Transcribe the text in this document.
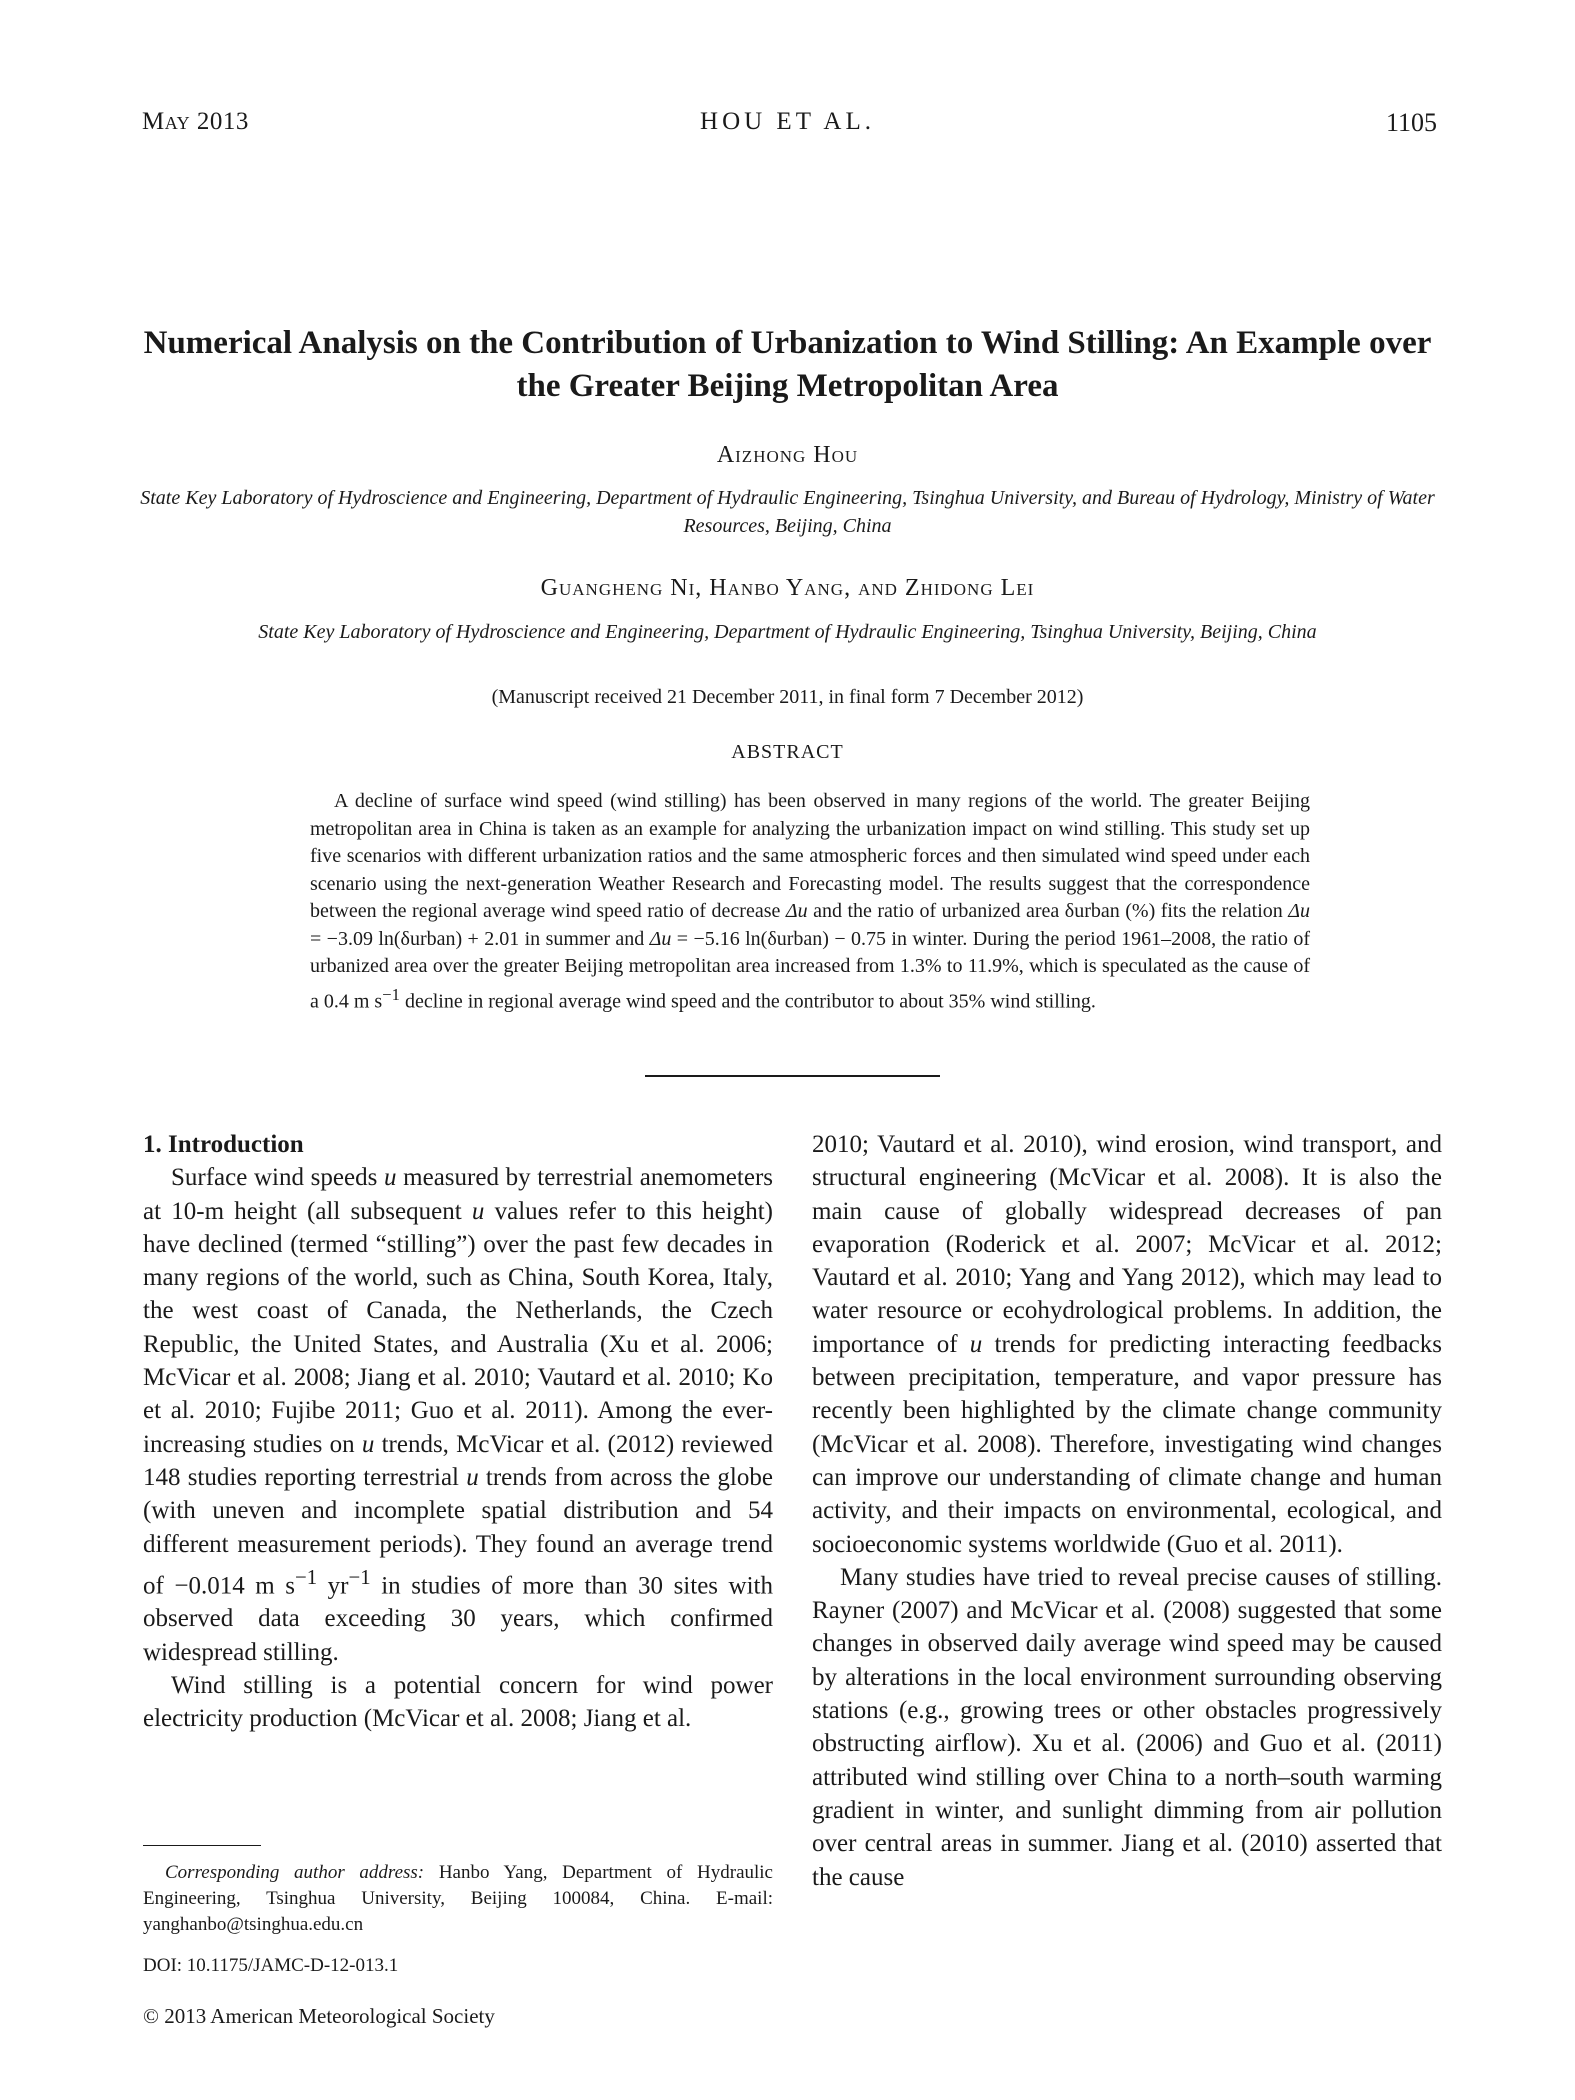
May 2013	HOU ET AL.	1105
Numerical Analysis on the Contribution of Urbanization to Wind Stilling: An Example over the Greater Beijing Metropolitan Area
Aizhong Hou
State Key Laboratory of Hydroscience and Engineering, Department of Hydraulic Engineering, Tsinghua University, and Bureau of Hydrology, Ministry of Water Resources, Beijing, China
Guangheng Ni, Hanbo Yang, and Zhidong Lei
State Key Laboratory of Hydroscience and Engineering, Department of Hydraulic Engineering, Tsinghua University, Beijing, China
(Manuscript received 21 December 2011, in final form 7 December 2012)
ABSTRACT
A decline of surface wind speed (wind stilling) has been observed in many regions of the world. The greater Beijing metropolitan area in China is taken as an example for analyzing the urbanization impact on wind stilling. This study set up five scenarios with different urbanization ratios and the same atmospheric forces and then simulated wind speed under each scenario using the next-generation Weather Research and Forecasting model. The results suggest that the correspondence between the regional average wind speed ratio of decrease Δu and the ratio of urbanized area δurban (%) fits the relation Δu = −3.09 ln(δurban) + 2.01 in summer and Δu = −5.16 ln(δurban) − 0.75 in winter. During the period 1961–2008, the ratio of urbanized area over the greater Beijing metropolitan area increased from 1.3% to 11.9%, which is speculated as the cause of a 0.4 m $s^{-1}$ decline in regional average wind speed and the contributor to about 35% wind stilling.
1. Introduction

Surface wind speeds u measured by terrestrial anemometers at 10-m height (all subsequent u values refer to this height) have declined (termed “stilling”) over the past few decades in many regions of the world, such as China, South Korea, Italy, the west coast of Canada, the Netherlands, the Czech Republic, the United States, and Australia (Xu et al. 2006; McVicar et al. 2008; Jiang et al. 2010; Vautard et al. 2010; Ko et al. 2010; Fujibe 2011; Guo et al. 2011). Among the ever-increasing studies on u trends, McVicar et al. (2012) reviewed 148 studies reporting terrestrial u trends from across the globe (with uneven and incomplete spatial distribution and 54 different measurement periods). They found an average trend of −0.014 m $s^{-1}$ $yr^{-1}$ in studies of more than 30 sites with observed data exceeding 30 years, which confirmed widespread stilling.

Wind stilling is a potential concern for wind power electricity production (McVicar et al. 2008; Jiang et al.

2010; Vautard et al. 2010), wind erosion, wind transport, and structural engineering (McVicar et al. 2008). It is also the main cause of globally widespread decreases of pan evaporation (Roderick et al. 2007; McVicar et al. 2012; Vautard et al. 2010; Yang and Yang 2012), which may lead to water resource or ecohydrological problems. In addition, the importance of u trends for predicting interacting feedbacks between precipitation, temperature, and vapor pressure has recently been highlighted by the climate change community (McVicar et al. 2008). Therefore, investigating wind changes can improve our understanding of climate change and human activity, and their impacts on environmental, ecological, and socioeconomic systems worldwide (Guo et al. 2011).

Many studies have tried to reveal precise causes of stilling. Rayner (2007) and McVicar et al. (2008) suggested that some changes in observed daily average wind speed may be caused by alterations in the local environment surrounding observing stations (e.g., growing trees or other obstacles progressively obstructing airflow). Xu et al. (2006) and Guo et al. (2011) attributed wind stilling over China to a north–south warming gradient in winter, and sunlight dimming from air pollution over central areas in summer. Jiang et al. (2010) asserted that the cause

Corresponding author address: Hanbo Yang, Department of Hydraulic Engineering, Tsinghua University, Beijing 100084, China. E-mail: yanghanbo@tsinghua.edu.cn

DOI: 10.1175/JAMC-D-12-013.1
© 2013 American Meteorological Society
